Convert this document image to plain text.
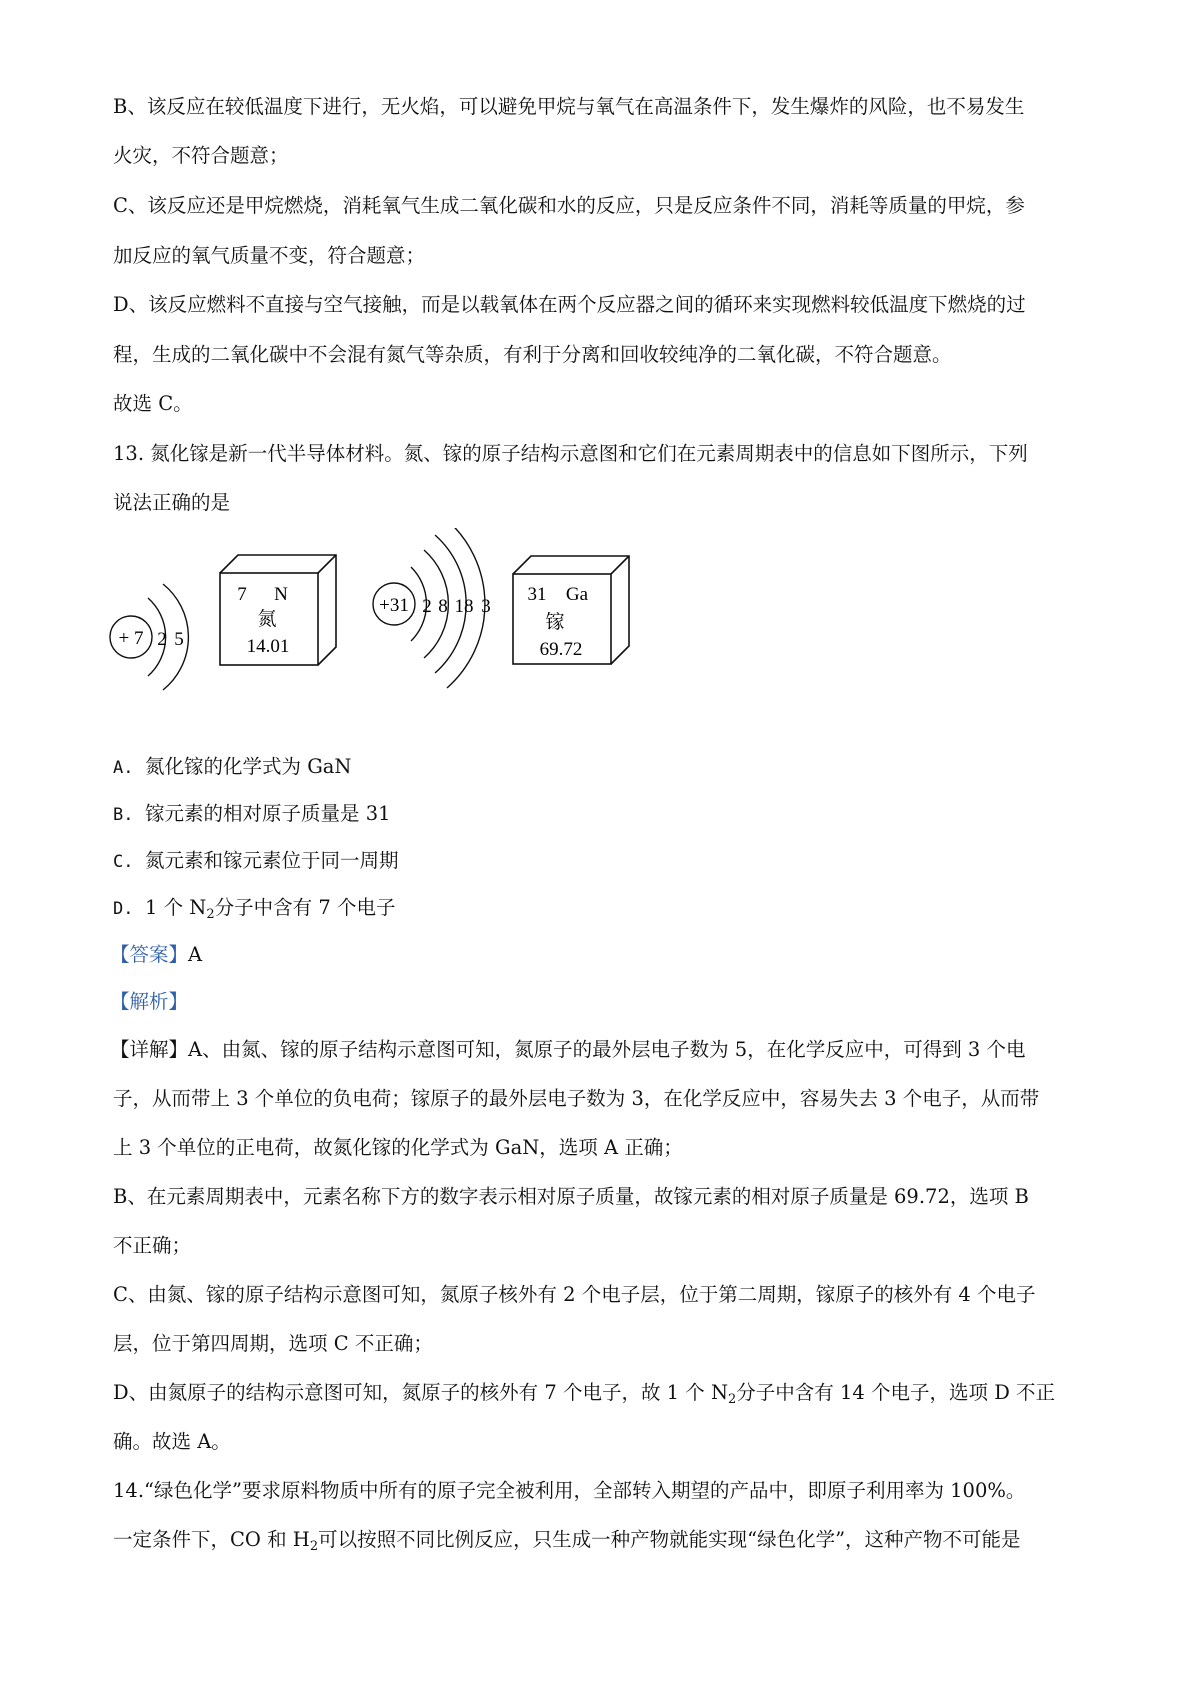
B、该反应在较低温度下进行，无火焰，可以避免甲烷与氧气在高温条件下，发生爆炸的风险，也不易发生
火灾，不符合题意；
C、该反应还是甲烷燃烧，消耗氧气生成二氧化碳和水的反应，只是反应条件不同，消耗等质量的甲烷，参
加反应的氧气质量不变，符合题意；
D、该反应燃料不直接与空气接触，而是以载氧体在两个反应器之间的循环来实现燃料较低温度下燃烧的过
程，生成的二氧化碳中不会混有氮气等杂质，有利于分离和回收较纯净的二氧化碳，不符合题意。
故选 C。
13. 氮化镓是新一代半导体材料。氮、镓的原子结构示意图和它们在元素周期表中的信息如下图所示，下列
说法正确的是
+ 7 2 5
7 N
氮
14.01
+31 2 8 18 3
31 Ga
镓
69.72
A. 氮化镓的化学式为 GaN
B. 镓元素的相对原子质量是 31
C. 氮元素和镓元素位于同一周期
D. 1 个 $N_2$分子中含有 7 个电子
【答案】A
【解析】
【详解】A、由氮、镓的原子结构示意图可知，氮原子的最外层电子数为 5，在化学反应中，可得到 3 个电
子，从而带上 3 个单位的负电荷；镓原子的最外层电子数为 3，在化学反应中，容易失去 3 个电子，从而带
上 3 个单位的正电荷，故氮化镓的化学式为 GaN，选项 A 正确；
B、在元素周期表中，元素名称下方的数字表示相对原子质量，故镓元素的相对原子质量是 69.72，选项 B
不正确；
C、由氮、镓的原子结构示意图可知，氮原子核外有 2 个电子层，位于第二周期，镓原子的核外有 4 个电子
层，位于第四周期，选项 C 不正确；
D、由氮原子的结构示意图可知，氮原子的核外有 7 个电子，故 1 个 $N_2$分子中含有 14 个电子，选项 D 不正
确。故选 A。
14.“绿色化学”要求原料物质中所有的原子完全被利用，全部转入期望的产品中，即原子利用率为 100%。
一定条件下，CO 和 $H_2$可以按照不同比例反应，只生成一种产物就能实现“绿色化学”，这种产物不可能是
